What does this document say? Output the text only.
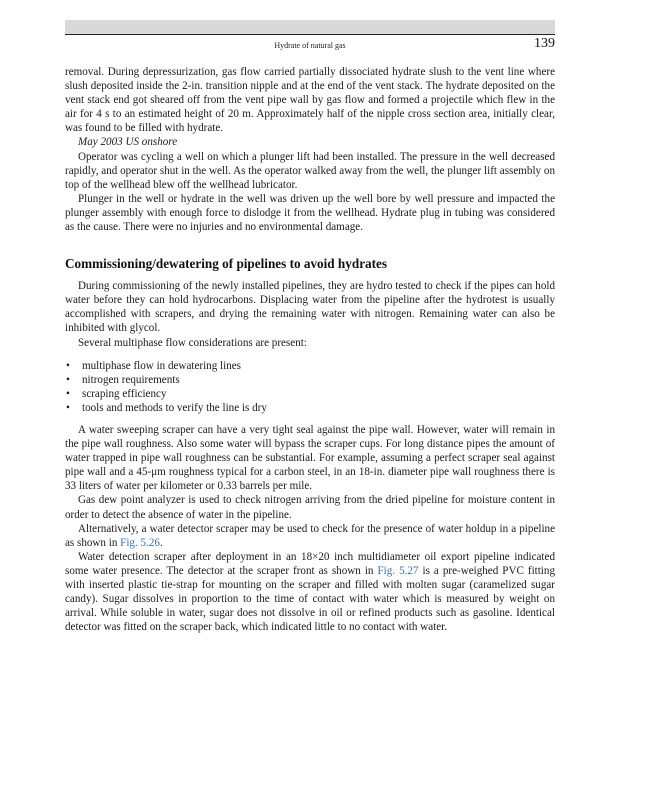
Hydrate of natural gas	139

removal. During depressurization, gas flow carried partially dissociated hydrate slush to the vent line where slush deposited inside the 2-in. transition nipple and at the end of the vent stack. The hydrate deposited on the vent stack end got sheared off from the vent pipe wall by gas flow and formed a projectile which flew in the air for 4 s to an estimated height of 20 m. Approximately half of the nipple cross section area, initially clear, was found to be filled with hydrate.

May 2003 US onshore

Operator was cycling a well on which a plunger lift had been installed. The pressure in the well decreased rapidly, and operator shut in the well. As the operator walked away from the well, the plunger lift assembly on top of the wellhead blew off the wellhead lubricator.

Plunger in the well or hydrate in the well was driven up the well bore by well pressure and impacted the plunger assembly with enough force to dislodge it from the wellhead. Hydrate plug in tubing was considered as the cause. There were no injuries and no environmental damage.

Commissioning/dewatering of pipelines to avoid hydrates

During commissioning of the newly installed pipelines, they are hydro tested to check if the pipes can hold water before they can hold hydrocarbons. Displacing water from the pipeline after the hydrotest is usually accomplished with scrapers, and drying the remaining water with nitrogen. Remaining water can also be inhibited with glycol.

Several multiphase flow considerations are present:

• multiphase flow in dewatering lines
• nitrogen requirements
• scraping efficiency
• tools and methods to verify the line is dry

A water sweeping scraper can have a very tight seal against the pipe wall. However, water will remain in the pipe wall roughness. Also some water will bypass the scraper cups. For long distance pipes the amount of water trapped in pipe wall roughness can be substantial. For example, assuming a perfect scraper seal against pipe wall and a 45-μm roughness typical for a carbon steel, in an 18-in. diameter pipe wall roughness there is 33 liters of water per kilometer or 0.33 barrels per mile.

Gas dew point analyzer is used to check nitrogen arriving from the dried pipeline for moisture content in order to detect the absence of water in the pipeline.

Alternatively, a water detector scraper may be used to check for the presence of water holdup in a pipeline as shown in Fig. 5.26.

Water detection scraper after deployment in an 18×20 inch multidiameter oil export pipeline indicated some water presence. The detector at the scraper front as shown in Fig. 5.27 is a pre-weighed PVC fitting with inserted plastic tie-strap for mounting on the scraper and filled with molten sugar (caramelized sugar candy). Sugar dissolves in proportion to the time of contact with water which is measured by weight on arrival. While soluble in water, sugar does not dissolve in oil or refined products such as gasoline. Identical detector was fitted on the scraper back, which indicated little to no contact with water.
